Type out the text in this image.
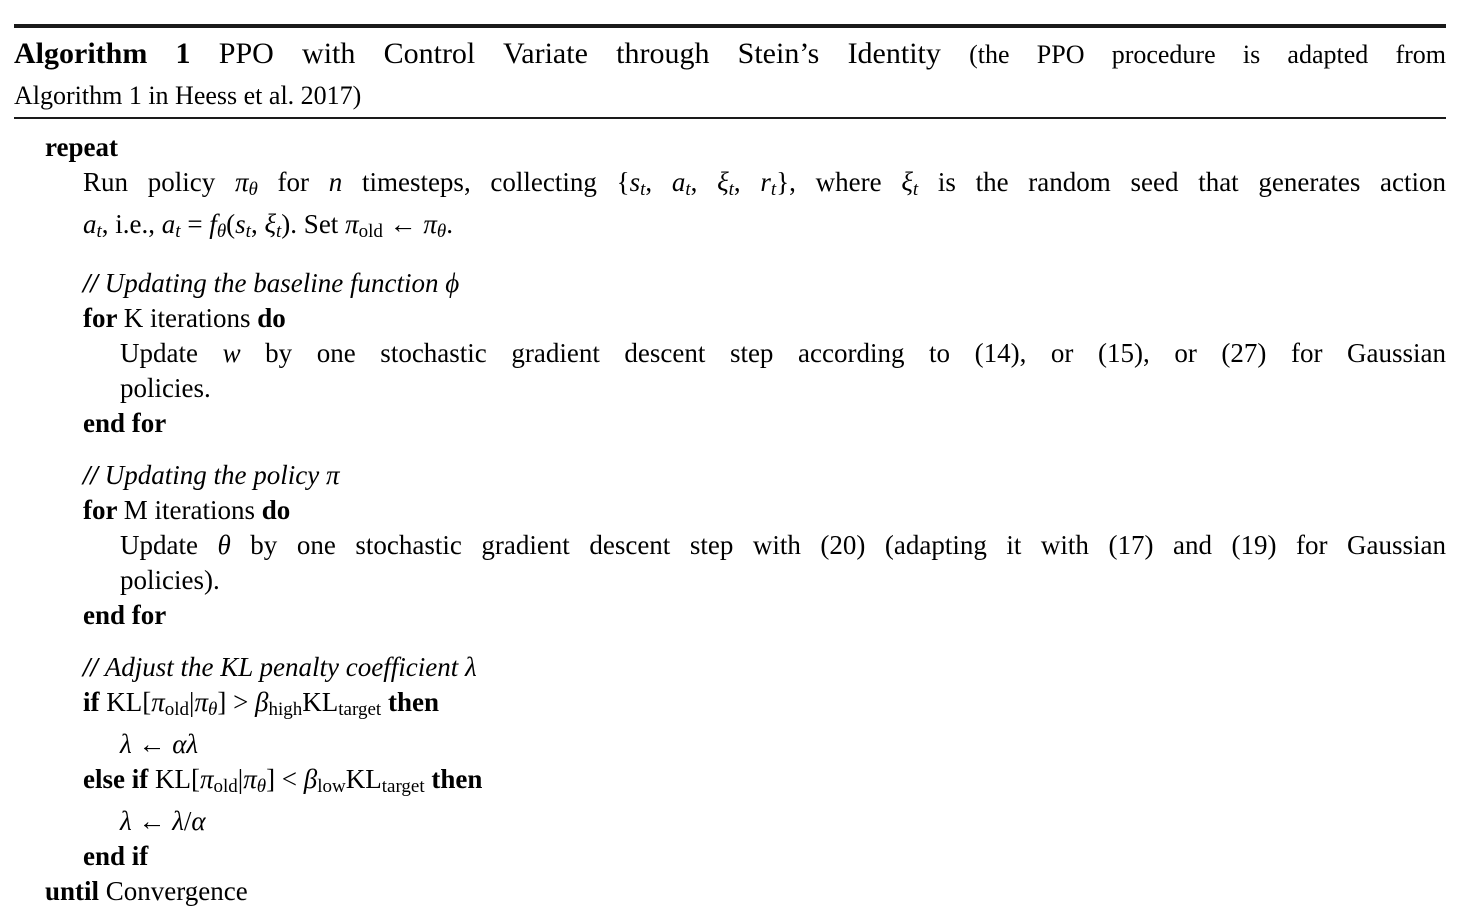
Algorithm 1 PPO with Control Variate through Stein’s Identity (the PPO procedure is adapted from
Algorithm 1 in Heess et al. 2017)
repeat
Run policy πθ for n timesteps, collecting {st, at, ξt, rt}, where ξt is the random seed that generates action
at, i.e., at = fθ(st, ξt). Set πold ← πθ.
// Updating the baseline function ϕ
for K iterations do
Update w by one stochastic gradient descent step according to (14), or (15), or (27) for Gaussian
policies.
end for
// Updating the policy π
for M iterations do
Update θ by one stochastic gradient descent step with (20) (adapting it with (17) and (19) for Gaussian
policies).
end for
// Adjust the KL penalty coefficient λ
if KL[πold|πθ] > βhighKLtarget then
λ ← αλ
else if KL[πold|πθ] < βlowKLtarget then
λ ← λ/α
end if
until Convergence
